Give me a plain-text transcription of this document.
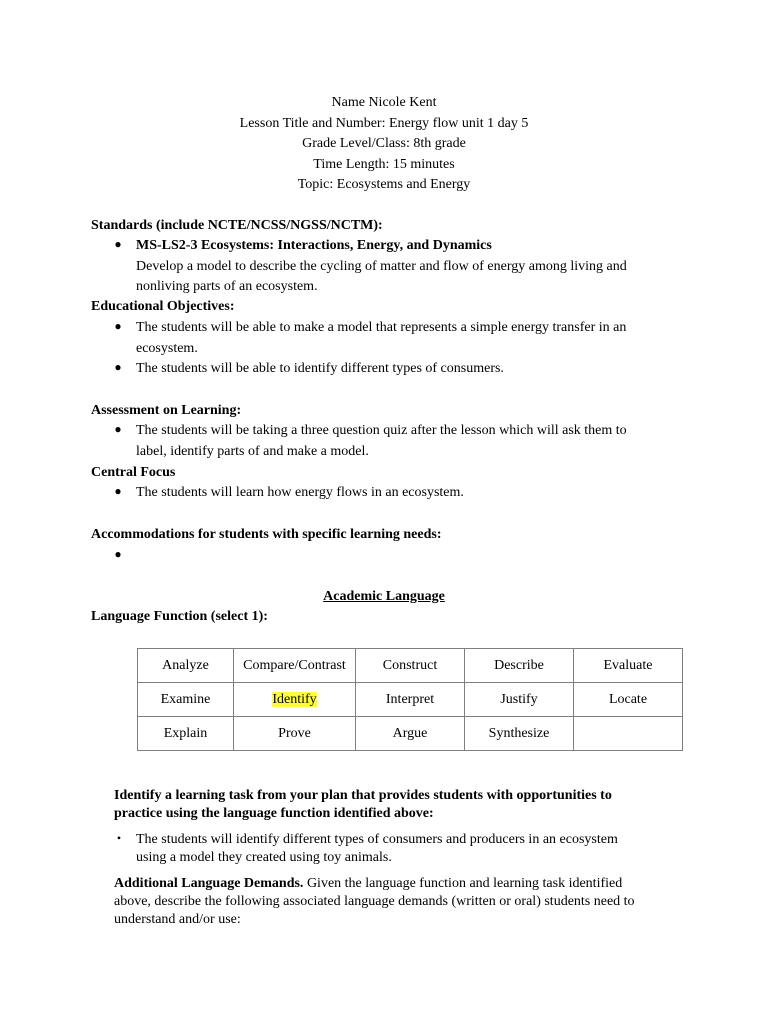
Name Nicole Kent
Lesson Title and Number: Energy flow unit 1 day 5
Grade Level/Class: 8th grade
Time Length: 15 minutes
Topic: Ecosystems and Energy
Standards (include NCTE/NCSS/NGSS/NCTM):
● MS-LS2-3 Ecosystems: Interactions, Energy, and Dynamics
Develop a model to describe the cycling of matter and flow of energy among living and
nonliving parts of an ecosystem.
Educational Objectives:
● The students will be able to make a model that represents a simple energy transfer in an
ecosystem.
● The students will be able to identify different types of consumers.
Assessment on Learning:
● The students will be taking a three question quiz after the lesson which will ask them to
label, identify parts of and make a model.
Central Focus
● The students will learn how energy flows in an ecosystem.
Accommodations for students with specific learning needs:
●
Academic Language
Language Function (select 1):
Analyze	Compare/Contrast	Construct	Describe	Evaluate
Examine	Identify	Interpret	Justify	Locate
Explain	Prove	Argue	Synthesize	
Identify a learning task from your plan that provides students with opportunities to
practice using the language function identified above:
• The students will identify different types of consumers and producers in an ecosystem
using a model they created using toy animals.
Additional Language Demands. Given the language function and learning task identified
above, describe the following associated language demands (written or oral) students need to
understand and/or use:
